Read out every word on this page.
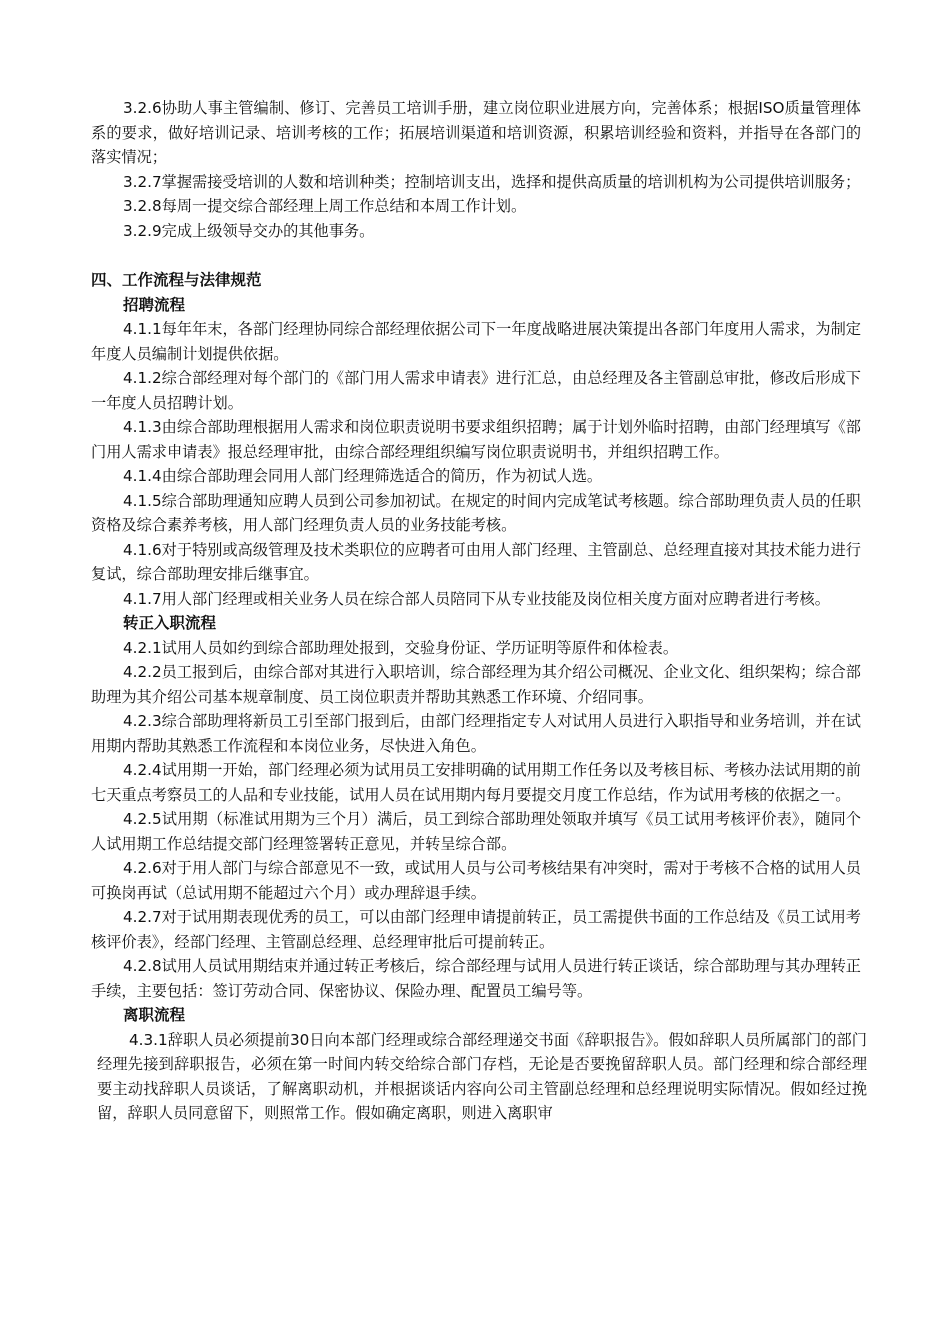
3.2.6协助人事主管编制、修订、完善员工培训手册，建立岗位职业进展方向，完善体系；根据ISO质量管理体系的要求，做好培训记录、培训考核的工作；拓展培训渠道和培训资源，积累培训经验和资料，并指导在各部门的落实情况；

3.2.7掌握需接受培训的人数和培训种类；控制培训支出，选择和提供高质量的培训机构为公司提供培训服务；

3.2.8每周一提交综合部经理上周工作总结和本周工作计划。

3.2.9完成上级领导交办的其他事务。

四、工作流程与法律规范
招聘流程

4.1.1每年年末，各部门经理协同综合部经理依据公司下一年度战略进展决策提出各部门年度用人需求，为制定年度人员编制计划提供依据。

4.1.2综合部经理对每个部门的《部门用人需求申请表》进行汇总，由总经理及各主管副总审批，修改后形成下一年度人员招聘计划。

4.1.3由综合部助理根据用人需求和岗位职责说明书要求组织招聘；属于计划外临时招聘，由部门经理填写《部门用人需求申请表》报总经理审批，由综合部经理组织编写岗位职责说明书，并组织招聘工作。

4.1.4由综合部助理会同用人部门经理筛选适合的简历，作为初试人选。

4.1.5综合部助理通知应聘人员到公司参加初试。在规定的时间内完成笔试考核题。综合部助理负责人员的任职资格及综合素养考核，用人部门经理负责人员的业务技能考核。

4.1.6对于特别或高级管理及技术类职位的应聘者可由用人部门经理、主管副总、总经理直接对其技术能力进行复试，综合部助理安排后继事宜。

4.1.7用人部门经理或相关业务人员在综合部人员陪同下从专业技能及岗位相关度方面对应聘者进行考核。

转正入职流程

4.2.1试用人员如约到综合部助理处报到，交验身份证、学历证明等原件和体检表。

4.2.2员工报到后，由综合部对其进行入职培训，综合部经理为其介绍公司概况、企业文化、组织架构；综合部助理为其介绍公司基本规章制度、员工岗位职责并帮助其熟悉工作环境、介绍同事。

4.2.3综合部助理将新员工引至部门报到后，由部门经理指定专人对试用人员进行入职指导和业务培训，并在试用期内帮助其熟悉工作流程和本岗位业务，尽快进入角色。

4.2.4试用期一开始，部门经理必须为试用员工安排明确的试用期工作任务以及考核目标、考核办法试用期的前七天重点考察员工的人品和专业技能，试用人员在试用期内每月要提交月度工作总结，作为试用考核的依据之一。

4.2.5试用期（标准试用期为三个月）满后，员工到综合部助理处领取并填写《员工试用考核评价表》，随同个人试用期工作总结提交部门经理签署转正意见，并转呈综合部。

4.2.6对于用人部门与综合部意见不一致，或试用人员与公司考核结果有冲突时，需对于考核不合格的试用人员可换岗再试（总试用期不能超过六个月）或办理辞退手续。

4.2.7对于试用期表现优秀的员工，可以由部门经理申请提前转正，员工需提供书面的工作总结及《员工试用考核评价表》，经部门经理、主管副总经理、总经理审批后可提前转正。

4.2.8试用人员试用期结束并通过转正考核后，综合部经理与试用人员进行转正谈话，综合部助理与其办理转正手续，主要包括：签订劳动合同、保密协议、保险办理、配置员工编号等。

离职流程

4.3.1辞职人员必须提前30日向本部门经理或综合部经理递交书面《辞职报告》。假如辞职人员所属部门的部门经理先接到辞职报告，必须在第一时间内转交给综合部门存档，无论是否要挽留辞职人员。部门经理和综合部经理要主动找辞职人员谈话，了解离职动机，并根据谈话内容向公司主管副总经理和总经理说明实际情况。假如经过挽留，辞职人员同意留下，则照常工作。假如确定离职，则进入离职审
